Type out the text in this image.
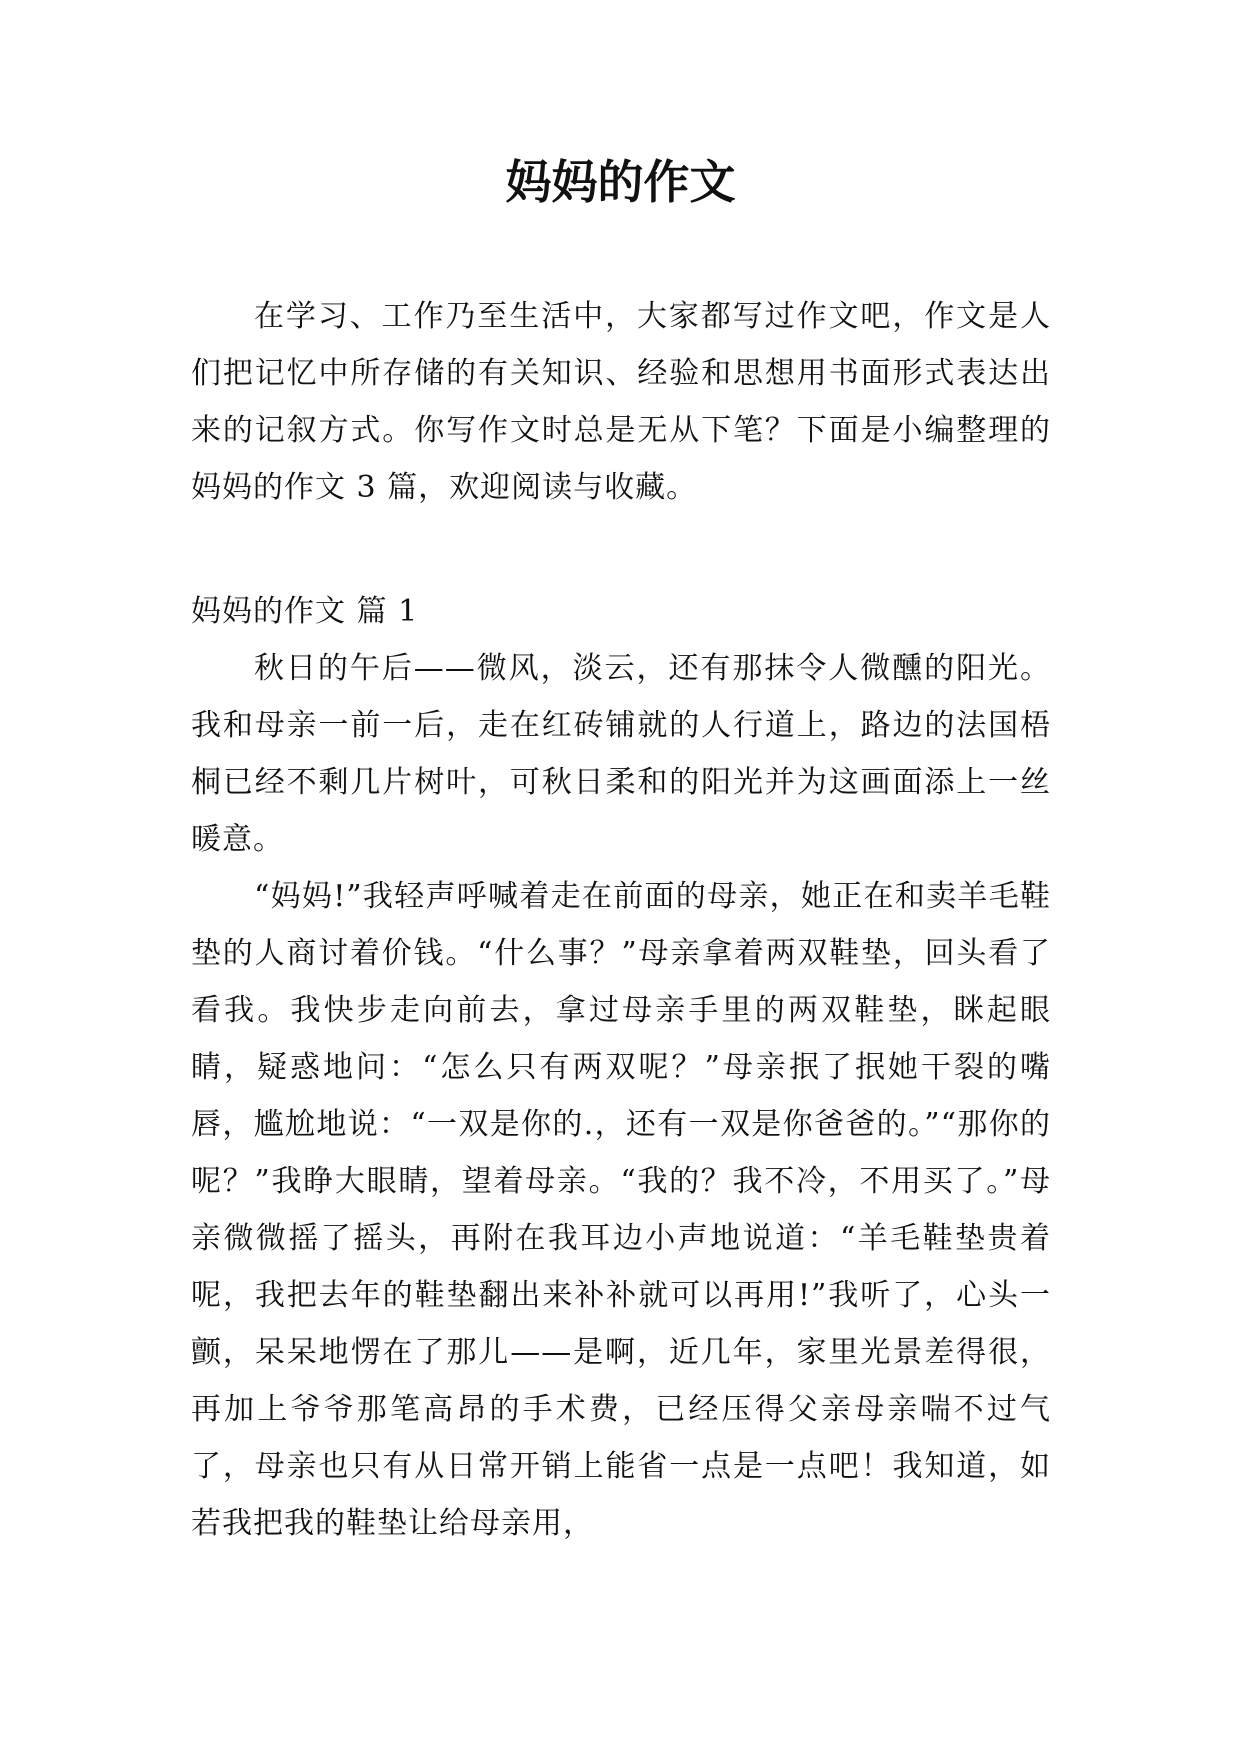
妈妈的作文

在学习、工作乃至生活中，大家都写过作文吧，作文是人们把记忆中所存储的有关知识、经验和思想用书面形式表达出来的记叙方式。你写作文时总是无从下笔？下面是小编整理的妈妈的作文 3 篇，欢迎阅读与收藏。

妈妈的作文 篇 1

秋日的午后——微风，淡云，还有那抹令人微醺的阳光。我和母亲一前一后，走在红砖铺就的人行道上，路边的法国梧桐已经不剩几片树叶，可秋日柔和的阳光并为这画面添上一丝暖意。

“妈妈!”我轻声呼喊着走在前面的母亲，她正在和卖羊毛鞋垫的人商讨着价钱。“什么事？”母亲拿着两双鞋垫，回头看了看我。我快步走向前去，拿过母亲手里的两双鞋垫，眯起眼睛，疑惑地问：“怎么只有两双呢？”母亲抿了抿她干裂的嘴唇，尴尬地说：“一双是你的.，还有一双是你爸爸的。”“那你的呢？”我睁大眼睛，望着母亲。“我的？我不冷，不用买了。”母亲微微摇了摇头，再附在我耳边小声地说道：“羊毛鞋垫贵着呢，我把去年的鞋垫翻出来补补就可以再用!”我听了，心头一颤，呆呆地愣在了那儿——是啊，近几年，家里光景差得很，再加上爷爷那笔高昂的手术费，已经压得父亲母亲喘不过气了，母亲也只有从日常开销上能省一点是一点吧！我知道，如若我把我的鞋垫让给母亲用，
